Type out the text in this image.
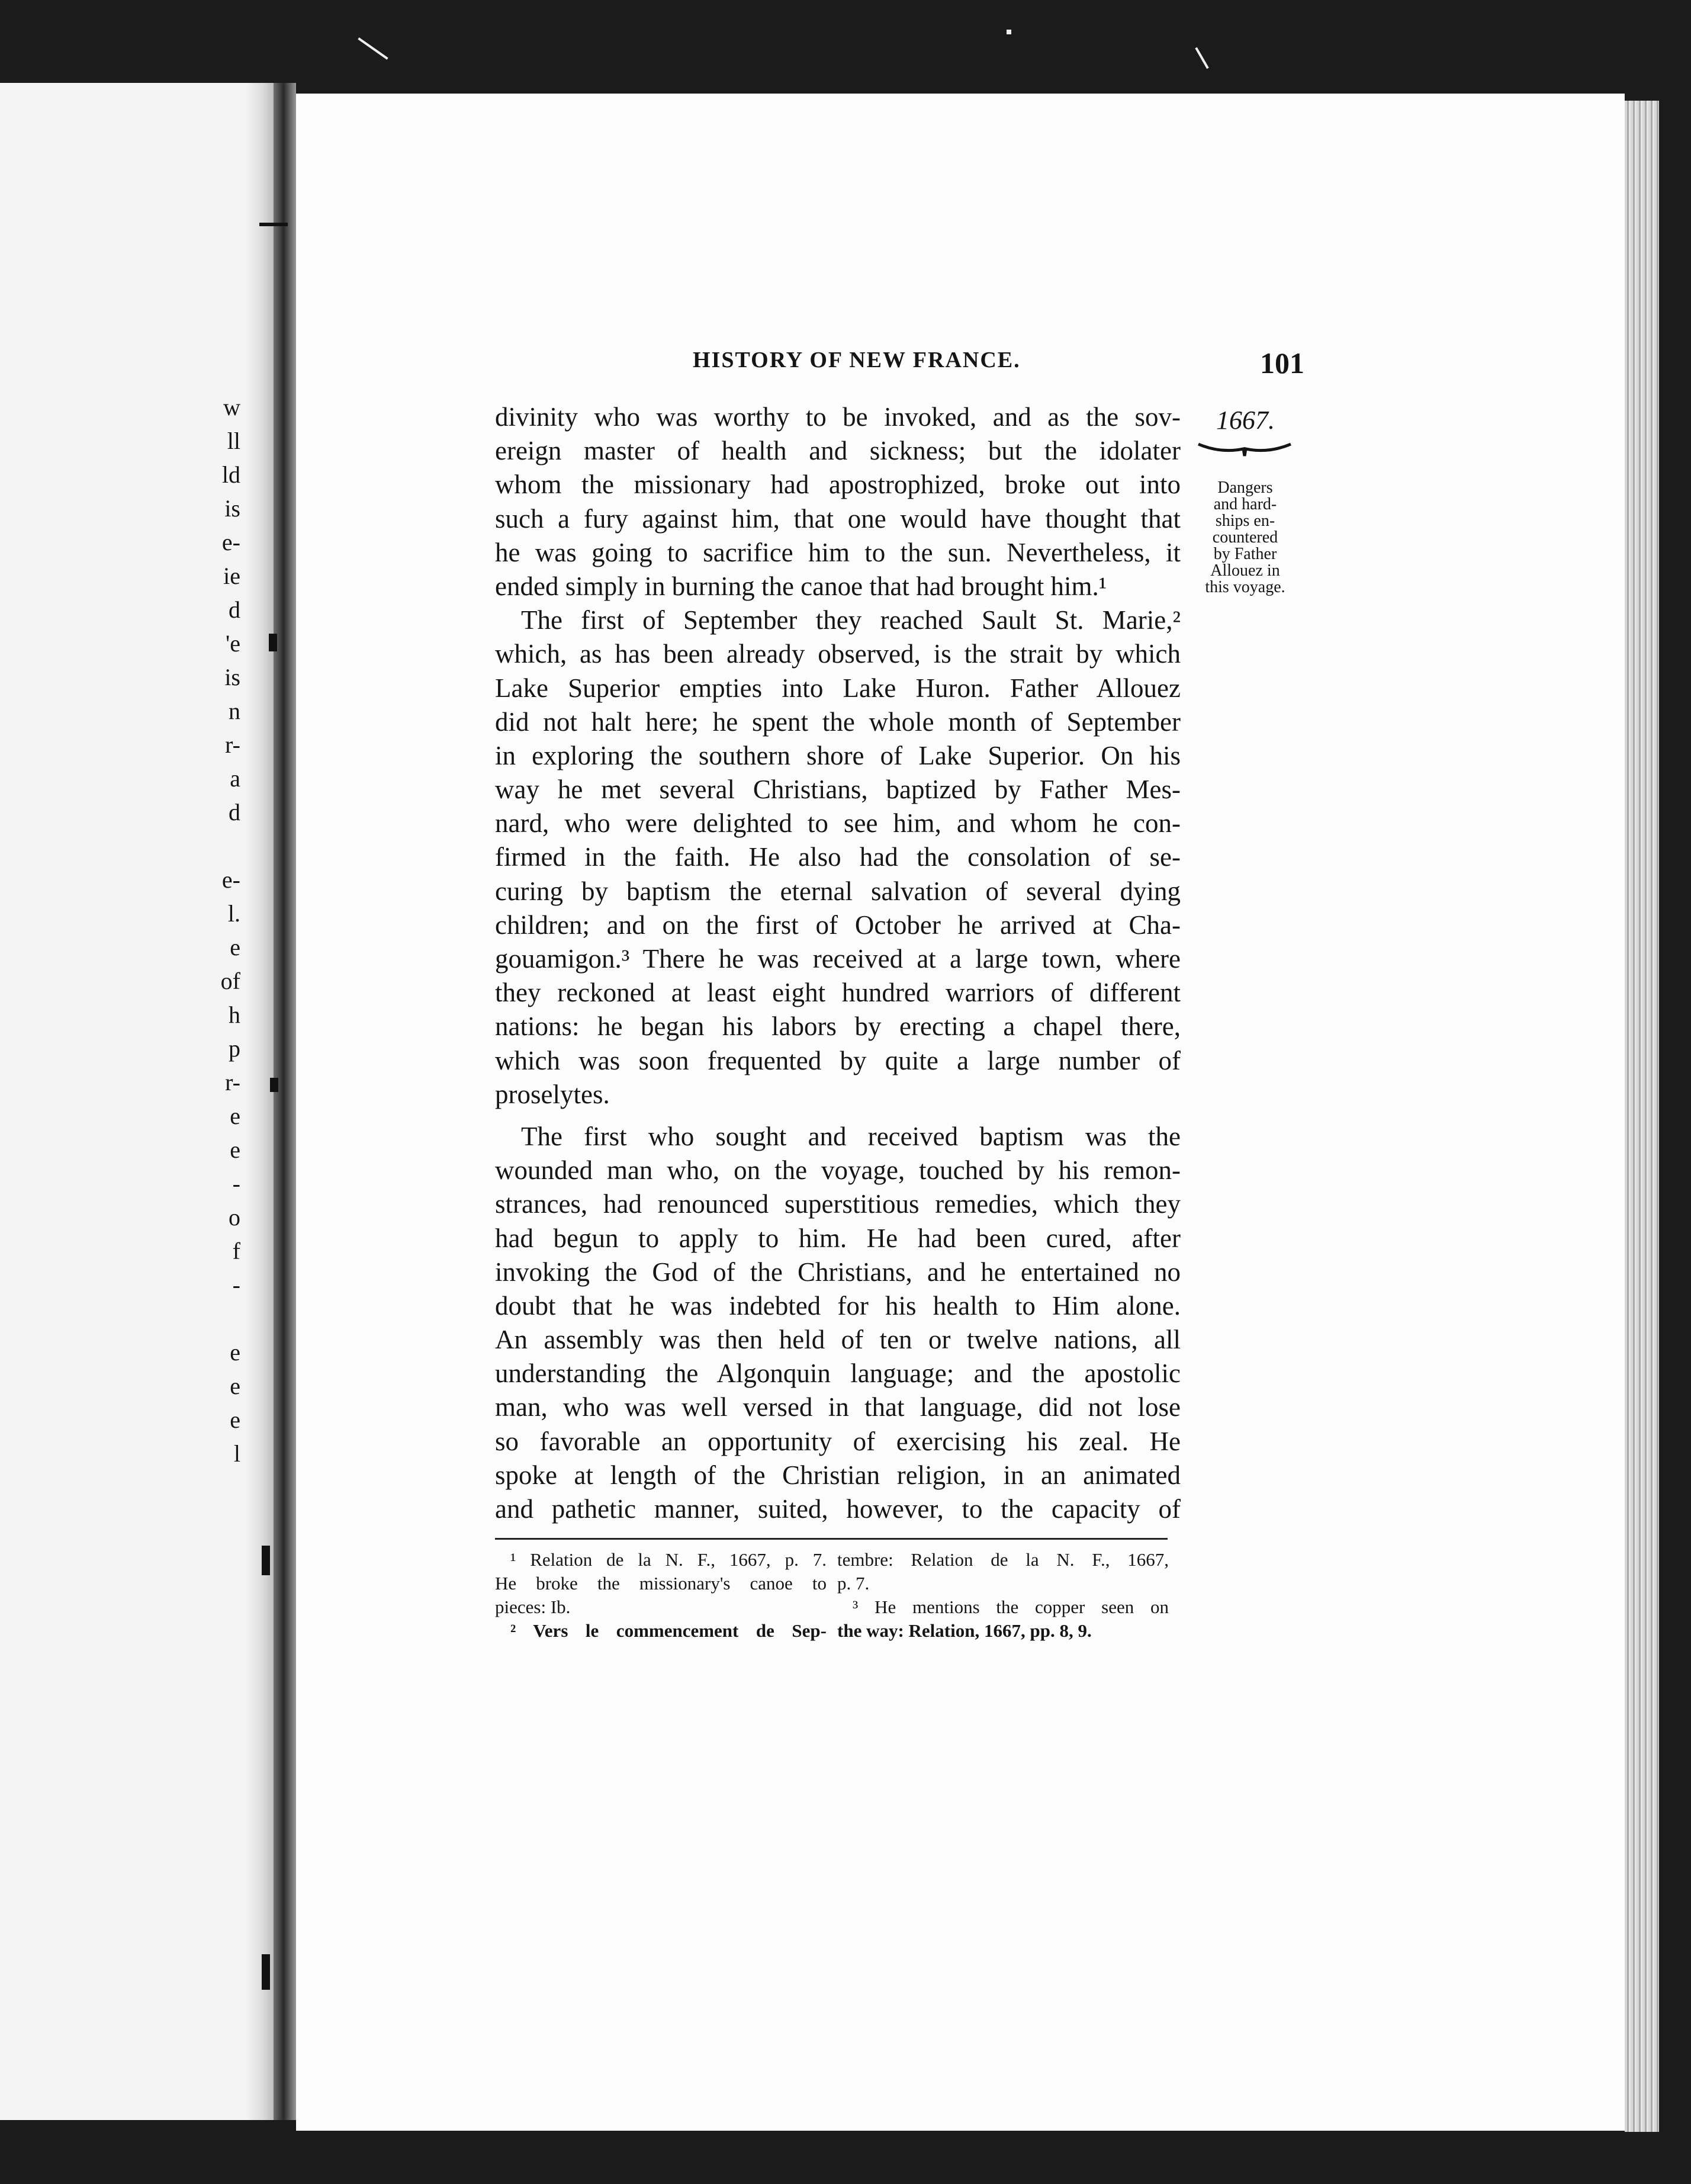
w
ll
ld
is
e-
ie
d
'e
is
n
r-
a
d
e-
l.
e
of
h
p
r-
e
e
-
o
f
-
e
e
e
l
HISTORY OF NEW FRANCE.	101
1667.
Dangers
and hard-
ships en-
countered
by Father
Allouez in
this voyage.
divinity who was worthy to be invoked, and as the sov-
ereign master of health and sickness; but the idolater
whom the missionary had apostrophized, broke out into
such a fury against him, that one would have thought that
he was going to sacrifice him to the sun. Nevertheless, it
ended simply in burning the canoe that had brought him.¹
The first of September they reached Sault St. Marie,²
which, as has been already observed, is the strait by which
Lake Superior empties into Lake Huron. Father Allouez
did not halt here; he spent the whole month of September
in exploring the southern shore of Lake Superior. On his
way he met several Christians, baptized by Father Mes-
nard, who were delighted to see him, and whom he con-
firmed in the faith. He also had the consolation of se-
curing by baptism the eternal salvation of several dying
children; and on the first of October he arrived at Cha-
gouamigon.³ There he was received at a large town, where
they reckoned at least eight hundred warriors of different
nations: he began his labors by erecting a chapel there,
which was soon frequented by quite a large number of
proselytes.
The first who sought and received baptism was the
wounded man who, on the voyage, touched by his remon-
strances, had renounced superstitious remedies, which they
had begun to apply to him. He had been cured, after
invoking the God of the Christians, and he entertained no
doubt that he was indebted for his health to Him alone.
An assembly was then held of ten or twelve nations, all
understanding the Algonquin language; and the apostolic
man, who was well versed in that language, did not lose
so favorable an opportunity of exercising his zeal. He
spoke at length of the Christian religion, in an animated
and pathetic manner, suited, however, to the capacity of
¹ Relation de la N. F., 1667, p. 7.
He broke the missionary's canoe to
pieces: Ib.
² Vers le commencement de Sep-
tembre: Relation de la N. F., 1667,
p. 7.
³ He mentions the copper seen on
the way: Relation, 1667, pp. 8, 9.
